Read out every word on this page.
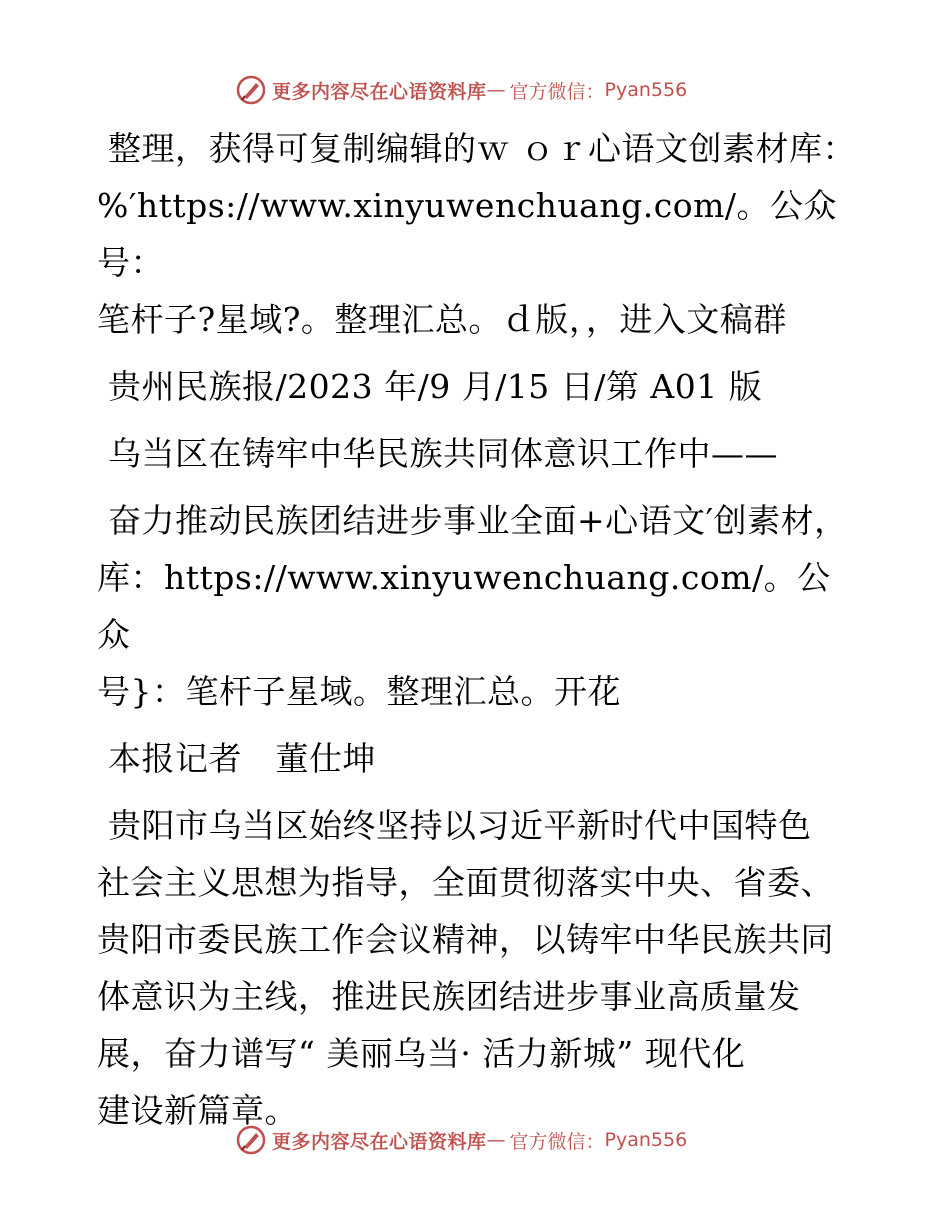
更多内容尽在心语资料库 — 官方微信： Pyan556

整理，获得可复制编辑的ｗ ｏｒ心语文创素材库：
%′https://www.xinyuwenchuang.com/。公众号：
笔杆子?星域?。整理汇总。ｄ版，，进入文稿群

贵州民族报/2023 年/9 月/15 日/第 A01 版

乌当区在铸牢中华民族共同体意识工作中——

奋力推动民族团结进步事业全面+心语文′创素材，
库：https://www.xinyuwenchuang.com/。公众
号}：笔杆子星域。整理汇总。开花

本报记者　董仕坤

贵阳市乌当区始终坚持以习近平新时代中国特色
社会主义思想为指导，全面贯彻落实中央、省委、
贵阳市委民族工作会议精神，以铸牢中华民族共同
体意识为主线，推进民族团结进步事业高质量发
展，奋力谱写“ 美丽乌当· 活力新城” 现代化
建设新篇章。

更多内容尽在心语资料库 — 官方微信： Pyan556
